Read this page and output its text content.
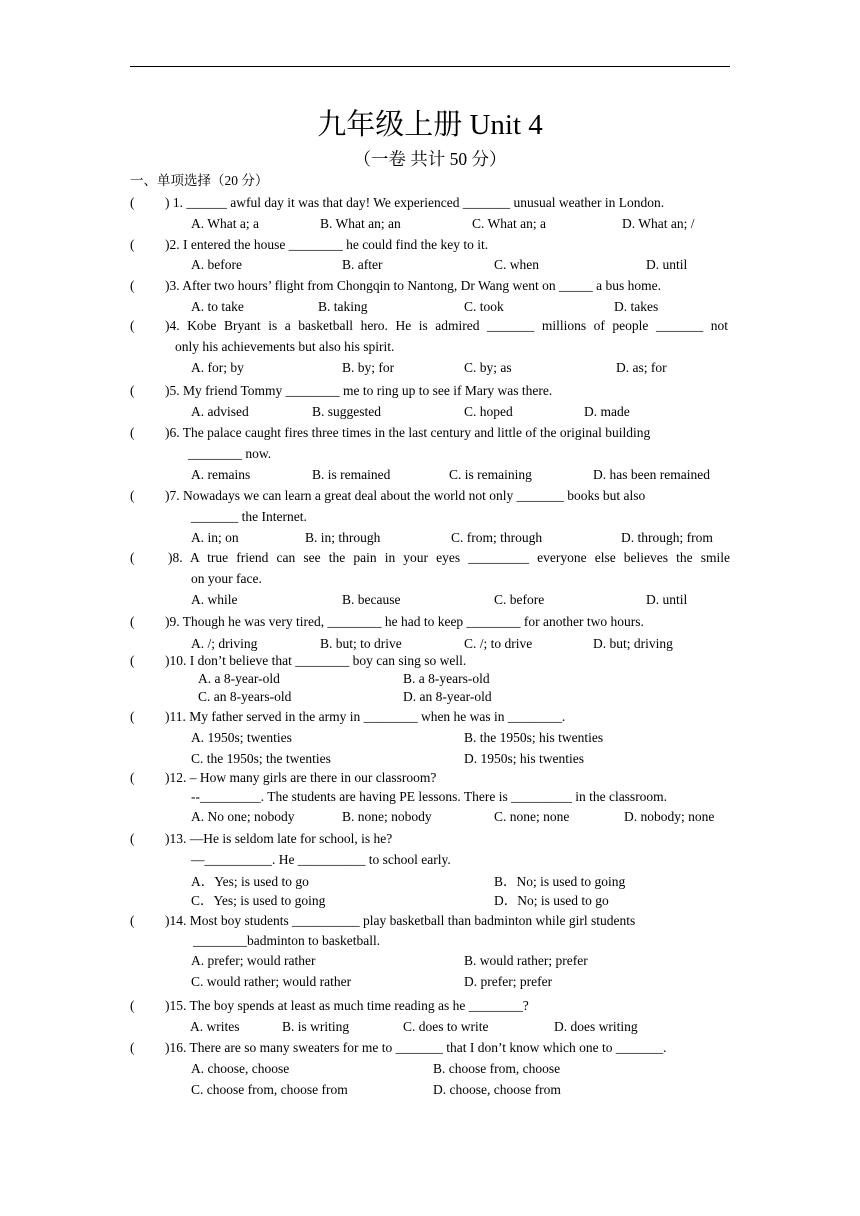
九年级上册 Unit 4
（一卷 共计 50 分）
一、单项选择（20 分）
( ) 1. ______ awful day it was that day! We experienced _______ unusual weather in London.
A. What a; a	B. What an; an	C. What an; a	D. What an; /
( )2. I entered the house ________ he could find the key to it.
A. before	B. after	C. when	D. until
( )3. After two hours’ flight from Chongqin to Nantong, Dr Wang went on _____ a bus home.
A. to take	B. taking	C. took	D. takes
( )4. Kobe Bryant is a basketball hero. He is admired _______ millions of people _______ not
only his achievements but also his spirit.
A. for; by	B. by; for	C. by; as	D. as; for
( )5. My friend Tommy ________ me to ring up to see if Mary was there.
A. advised	B. suggested	C. hoped	D. made
( )6. The palace caught fires three times in the last century and little of the original building
________ now.
A. remains	B. is remained	C. is remaining	D. has been remained
( )7. Nowadays we can learn a great deal about the world not only _______ books but also
_______ the Internet.
A. in; on	B. in; through	C. from; through	D. through; from
( )8. A true friend can see the pain in your eyes _________ everyone else believes the smile
on your face.
A. while	B. because	C. before	D. until
( )9. Though he was very tired, ________ he had to keep ________ for another two hours.
A. /; driving	B. but; to drive	C. /; to drive	D. but; driving
( )10. I don’t believe that ________ boy can sing so well.
A. a 8-year-old	B. a 8-years-old
C. an 8-years-old	D. an 8-year-old
( )11. My father served in the army in ________ when he was in ________.
A. 1950s; twenties	B. the 1950s; his twenties
C. the 1950s; the twenties	D. 1950s; his twenties
( )12. – How many girls are there in our classroom?
--_________. The students are having PE lessons. There is _________ in the classroom.
A. No one; nobody	B. none; nobody	C. none; none	D. nobody; none
( )13. —He is seldom late for school, is he?
—__________. He __________ to school early.
A．Yes; is used to go	B．No; is used to going
C．Yes; is used to going	D．No; is used to go
( )14. Most boy students __________ play basketball than badminton while girl students
________badminton to basketball.
A. prefer; would rather	B. would rather; prefer
C. would rather; would rather	D. prefer; prefer
( )15. The boy spends at least as much time reading as he ________?
A. writes	B. is writing	C. does to write	D. does writing
( )16. There are so many sweaters for me to _______ that I don’t know which one to _______.
A. choose, choose	B. choose from, choose
C. choose from, choose from	D. choose, choose from
